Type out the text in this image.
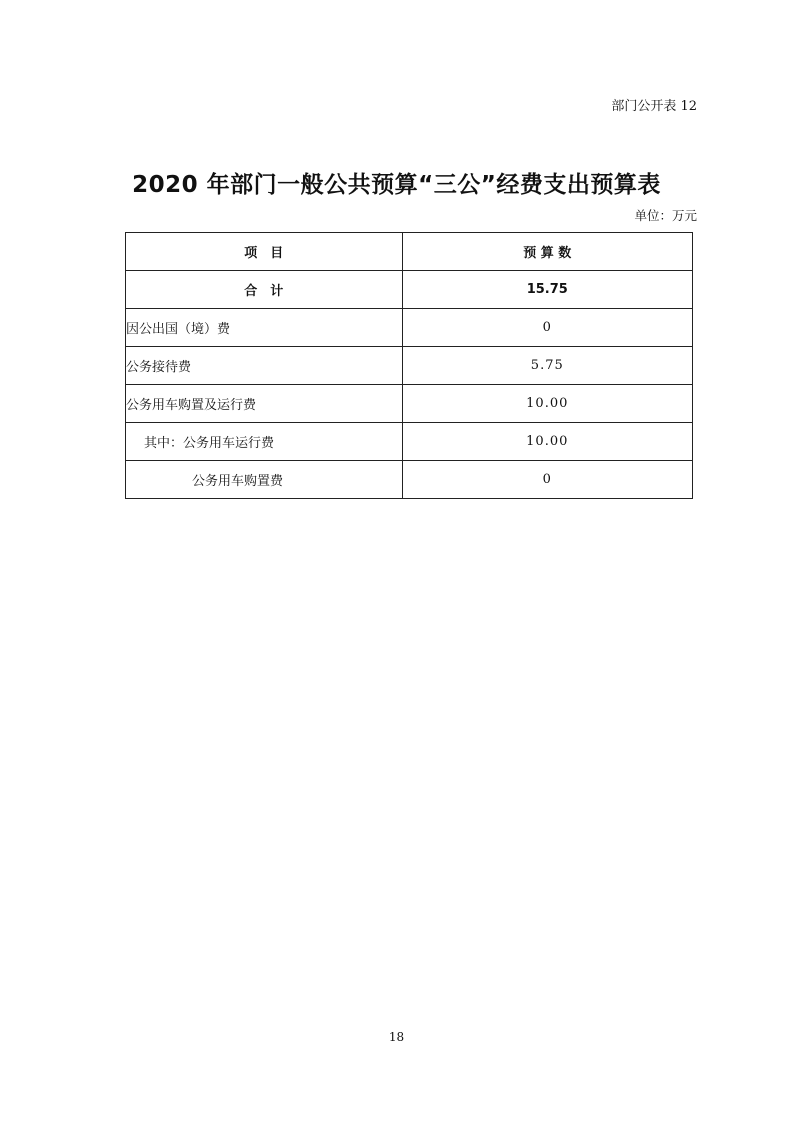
部门公开表 12
2020 年部门一般公共预算“三公”经费支出预算表
单位：万元
项　目	预 算 数
合　计	15.75
因公出国（境）费	0
公务接待费	5.75
公务用车购置及运行费	10.00
其中：公务用车运行费	10.00
公务用车购置费	0
18
